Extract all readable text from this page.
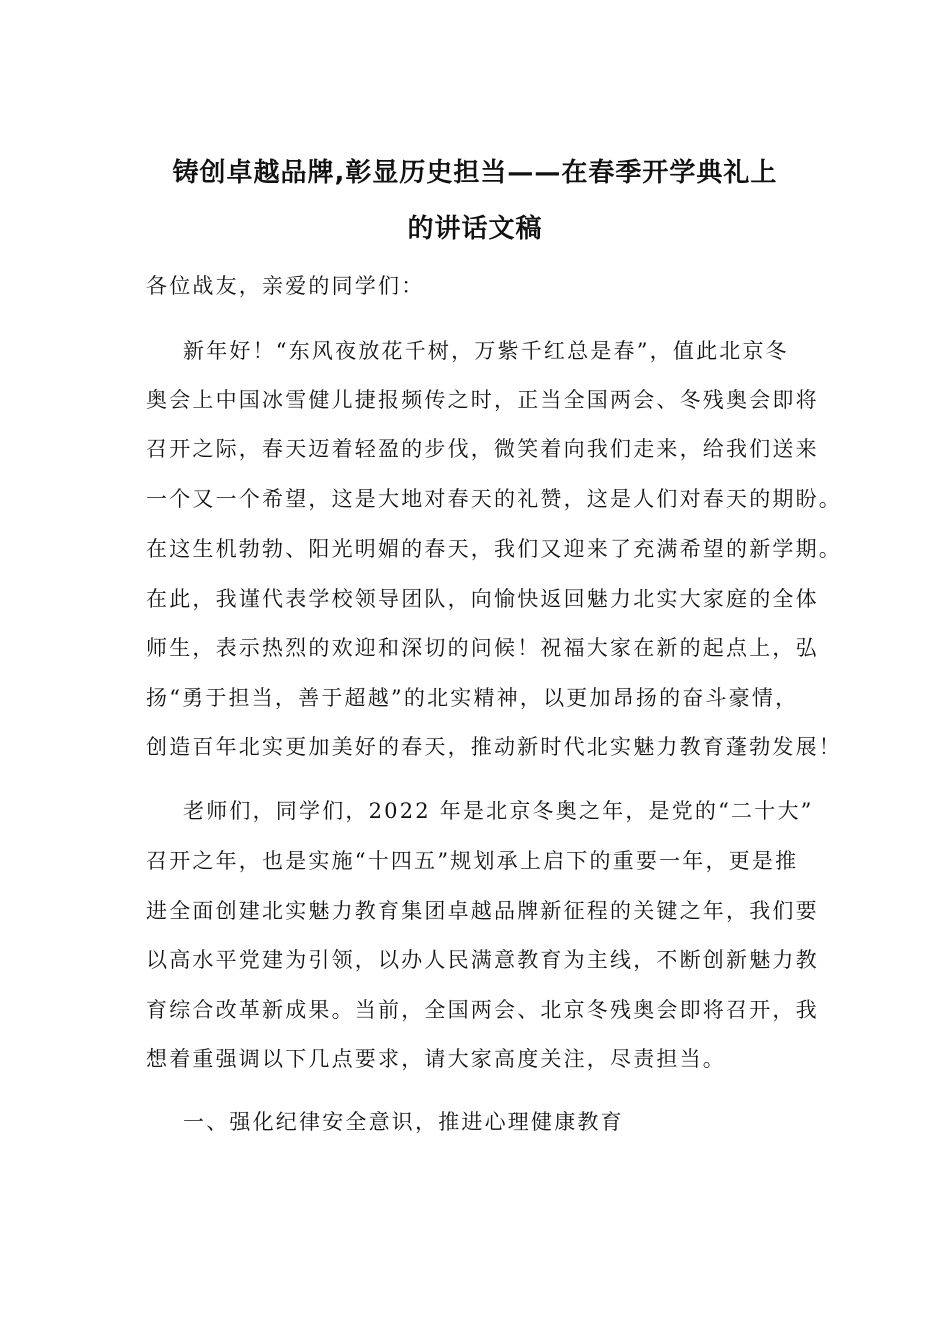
铸创卓越品牌,彰显历史担当——在春季开学典礼上
的讲话文稿
各位战友，亲爱的同学们：
新年好！“东风夜放花千树，万紫千红总是春”，值此北京冬
奥会上中国冰雪健儿捷报频传之时，正当全国两会、冬残奥会即将
召开之际，春天迈着轻盈的步伐，微笑着向我们走来，给我们送来
一个又一个希望，这是大地对春天的礼赞，这是人们对春天的期盼。
在这生机勃勃、阳光明媚的春天，我们又迎来了充满希望的新学期。
在此，我谨代表学校领导团队，向愉快返回魅力北实大家庭的全体
师生，表示热烈的欢迎和深切的问候！祝福大家在新的起点上，弘
扬“勇于担当，善于超越”的北实精神，以更加昂扬的奋斗豪情，
创造百年北实更加美好的春天，推动新时代北实魅力教育蓬勃发展！
老师们，同学们，2022 年是北京冬奥之年，是党的“二十大”
召开之年，也是实施“十四五”规划承上启下的重要一年，更是推
进全面创建北实魅力教育集团卓越品牌新征程的关键之年，我们要
以高水平党建为引领，以办人民满意教育为主线，不断创新魅力教
育综合改革新成果。当前，全国两会、北京冬残奥会即将召开，我
想着重强调以下几点要求，请大家高度关注，尽责担当。
一、强化纪律安全意识，推进心理健康教育
